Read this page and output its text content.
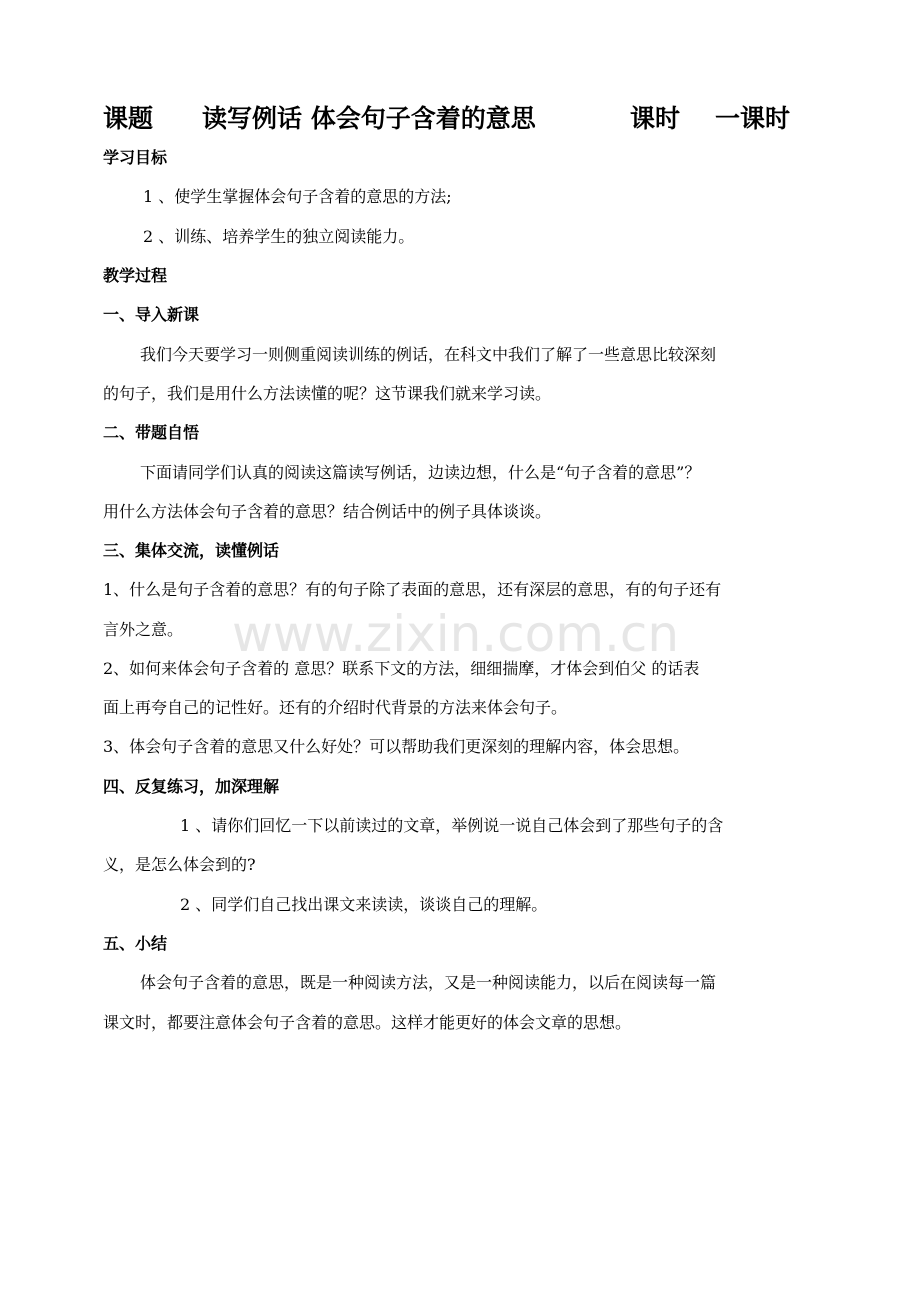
www.zixin.com.cn
课题 读写例话 体会句子含着的意思	课时 一课时
学习目标
1 、使学生掌握体会句子含着的意思的方法;
2 、训练、培养学生的独立阅读能力。
教学过程
一、导入新课
我们今天要学习一则侧重阅读训练的例话，在科文中我们了解了一些意思比较深刻
的句子，我们是用什么方法读懂的呢？这节课我们就来学习读。
二、带题自悟
下面请同学们认真的阅读这篇读写例话，边读边想，什么是“句子含着的意思”？
用什么方法体会句子含着的意思？结合例话中的例子具体谈谈。
三、集体交流，读懂例话
1、什么是句子含着的意思？有的句子除了表面的意思，还有深层的意思，有的句子还有
言外之意。
2、如何来体会句子含着的 意思？联系下文的方法，细细揣摩，才体会到伯父 的话表
面上再夸自己的记性好。还有的介绍时代背景的方法来体会句子。
3、体会句子含着的意思又什么好处？可以帮助我们更深刻的理解内容，体会思想。
四、反复练习，加深理解
1 、请你们回忆一下以前读过的文章，举例说一说自己体会到了那些句子的含
义，是怎么体会到的?
2 、同学们自己找出课文来读读，谈谈自己的理解。
五、小结
体会句子含着的意思，既是一种阅读方法，又是一种阅读能力，以后在阅读每一篇
课文时，都要注意体会句子含着的意思。这样才能更好的体会文章的思想。
